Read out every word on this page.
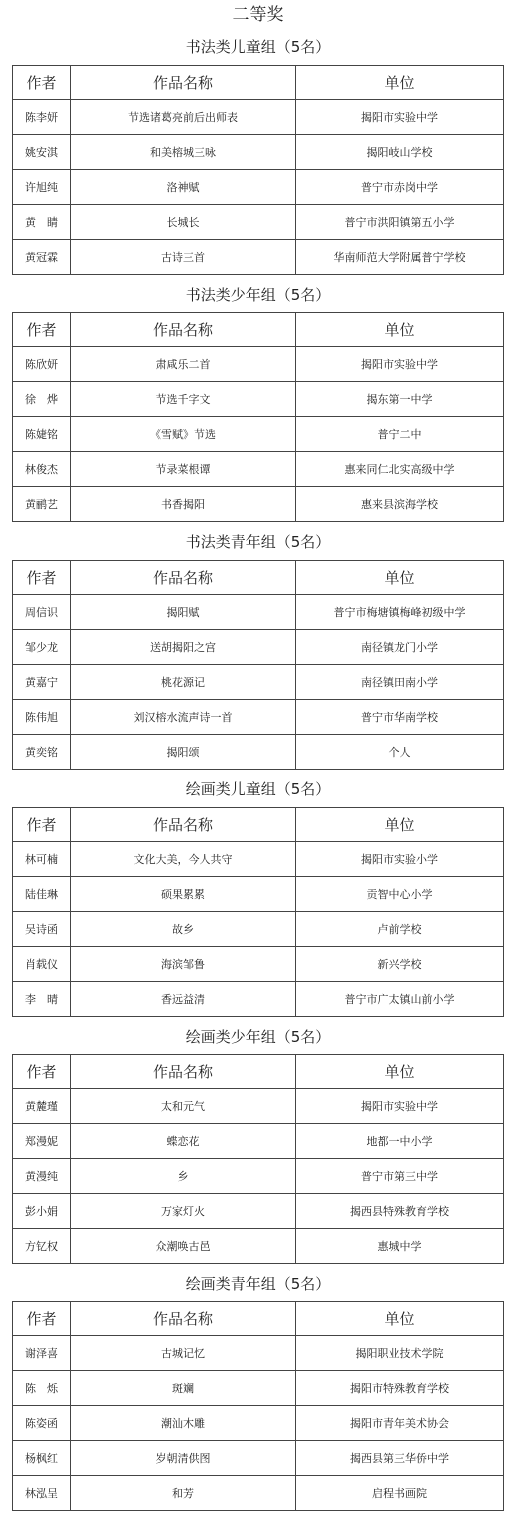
二等奖
书法类儿童组（5名）
作者	作品名称	单位
陈李妍	节选诸葛亮前后出师表	揭阳市实验中学
姚安淇	和美榕城三咏	揭阳岐山学校
许旭纯	洛神赋	普宁市赤岗中学
黄　睛	长城长	普宁市洪阳镇第五小学
黄冠霖	古诗三首	华南师范大学附属普宁学校
书法类少年组（5名）
作者	作品名称	单位
陈欣妍	肃咸乐二首	揭阳市实验中学
徐　烨	节选千字文	揭东第一中学
陈婕铭	《雪赋》节选	普宁二中
林俊杰	节录菜根谭	惠来同仁北实高级中学
黄鹂艺	书香揭阳	惠来县滨海学校
书法类青年组（5名）
作者	作品名称	单位
周信识	揭阳赋	普宁市梅塘镇梅峰初级中学
邹少龙	送胡揭阳之宫	南径镇龙门小学
黄嘉宁	桃花源记	南径镇田南小学
陈伟旭	刘汉榕水流声诗一首	普宁市华南学校
黄奕铭	揭阳颂	个人
绘画类儿童组（5名）
作者	作品名称	单位
林可楠	文化大美，今人共守	揭阳市实验小学
陆佳琳	硕果累累	贡智中心小学
吴诗函	故乡	卢前学校
肖载仪	海滨邹鲁	新兴学校
李　晴	香远益清	普宁市广太镇山前小学
绘画类少年组（5名）
作者	作品名称	单位
黄麓瑾	太和元气	揭阳市实验中学
郑漫妮	蝶恋花	地都一中小学
黄漫纯	乡	普宁市第三中学
彭小娟	万家灯火	揭西县特殊教育学校
方钇权	众潮唤古邑	惠城中学
绘画类青年组（5名）
作者	作品名称	单位
谢泽喜	古城记忆	揭阳职业技术学院
陈　烁	斑斓	揭阳市特殊教育学校
陈姿函	潮汕木雕	揭阳市青年美术协会
杨枫红	岁朝清供图	揭西县第三华侨中学
林泓呈	和芳	启程书画院
